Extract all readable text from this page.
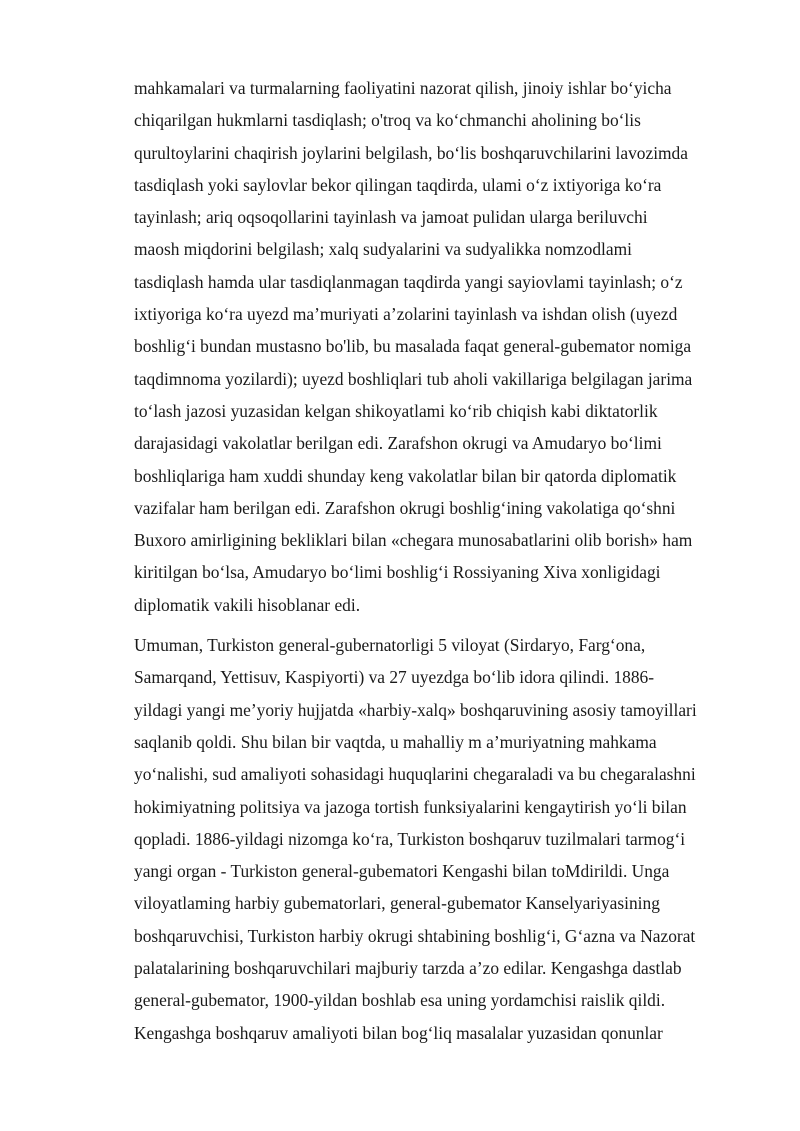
mahkamalari va turmalarning faoliyatini nazorat qilish, jinoiy ishlar bo‘yicha
chiqarilgan hukmlarni tasdiqlash; o'troq va ko‘chmanchi aholining bo‘lis
qurultoylarini chaqirish joylarini belgilash, bo‘lis boshqaruvchilarini lavozimda
tasdiqlash yoki saylovlar bekor qilingan taqdirda, ulami o‘z ixtiyoriga ko‘ra
tayinlash; ariq oqsoqollarini tayinlash va jamoat pulidan ularga beriluvchi
maosh miqdorini belgilash; xalq sudyalarini va sudyalikka nomzodlami
tasdiqlash hamda ular tasdiqlanmagan taqdirda yangi sayiovlami tayinlash; o‘z
ixtiyoriga ko‘ra uyezd ma’muriyati a’zolarini tayinlash va ishdan olish (uyezd
boshlig‘i bundan mustasno bo'lib, bu masalada faqat general-gubemator nomiga
taqdimnoma yozilardi); uyezd boshliqlari tub aholi vakillariga belgilagan jarima
to‘lash jazosi yuzasidan kelgan shikoyatlami ko‘rib chiqish kabi diktatorlik
darajasidagi vakolatlar berilgan edi. Zarafshon okrugi va Amudaryo bo‘limi
boshliqlariga ham xuddi shunday keng vakolatlar bilan bir qatorda diplomatik
vazifalar ham berilgan edi. Zarafshon okrugi boshlig‘ining vakolatiga qo‘shni
Buxoro amirligining bekliklari bilan «chegara munosabatlarini olib borish» ham
kiritilgan bo‘lsa, Amudaryo bo‘limi boshlig‘i Rossiyaning Xiva xonligidagi
diplomatik vakili hisoblanar edi.

Umuman, Turkiston general-gubernatorligi 5 viloyat (Sirdaryo, Farg‘ona,
Samarqand, Yettisuv, Kaspiyorti) va 27 uyezdga bo‘lib idora qilindi. 1886-
yildagi yangi me’yoriy hujjatda «harbiy-xalq» boshqaruvining asosiy tamoyillari
saqlanib qoldi. Shu bilan bir vaqtda, u mahalliy m a’muriyatning mahkama
yo‘nalishi, sud amaliyoti sohasidagi huquqlarini chegaraladi va bu chegaralashni
hokimiyatning politsiya va jazoga tortish funksiyalarini kengaytirish yo‘li bilan
qopladi. 1886-yildagi nizomga ko‘ra, Turkiston boshqaruv tuzilmalari tarmog‘i
yangi organ - Turkiston general-gubematori Kengashi bilan toMdirildi. Unga
viloyatlaming harbiy gubematorlari, general-gubemator Kanselyariyasining
boshqaruvchisi, Turkiston harbiy okrugi shtabining boshlig‘i, G‘azna va Nazorat
palatalarining boshqaruvchilari majburiy tarzda a’zo edilar. Kengashga dastlab
general-gubemator, 1900-yildan boshlab esa uning yordamchisi raislik qildi.
Kengashga boshqaruv amaliyoti bilan bog‘liq masalalar yuzasidan qonunlar
